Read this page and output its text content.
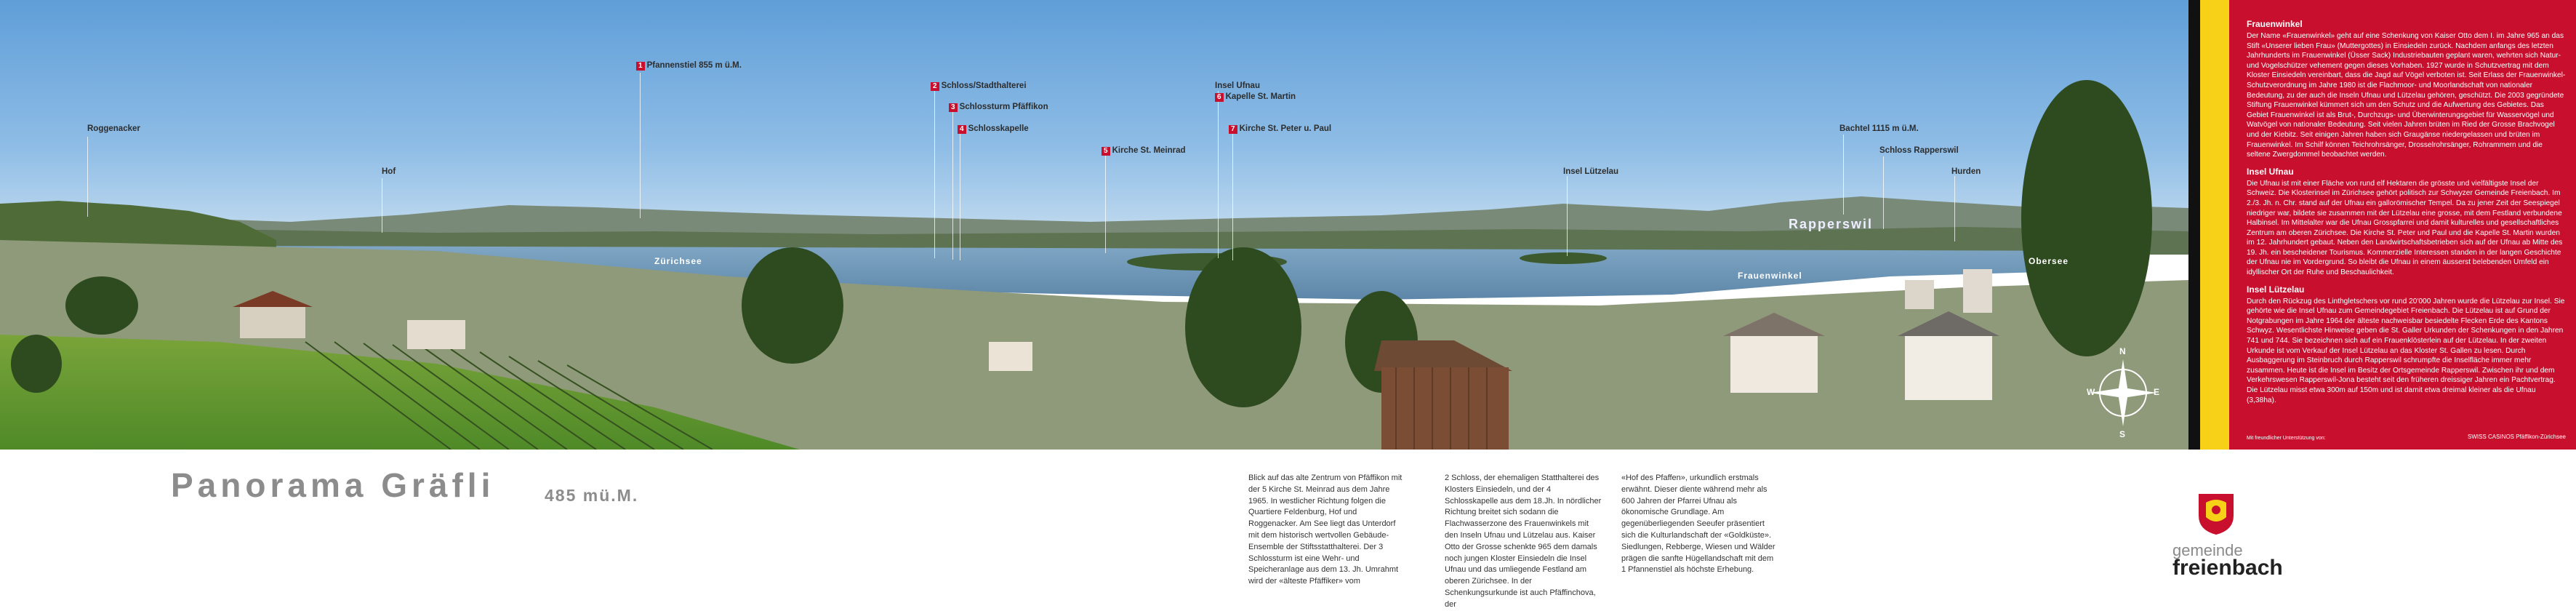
N
E
S
W
Roggenacker
Hof
1 Pfannenstiel 855 m ü.M.
2 Schloss/Stadthalterei
3 Schlossturm Pfäffikon
4 Schlosskapelle
5 Kirche St. Meinrad
Insel Ufnau
6 Kapelle St. Martin
7 Kirche St. Peter u. Paul
Insel Lützelau
Bachtel 1115 m ü.M.
Schloss Rapperswil
Hurden
Zürichsee
Rapperswil
Frauenwinkel
Obersee
Frauenwinkel

Der Name «Frauenwinkel» geht auf eine Schenkung von Kaiser Otto dem I. im Jahre 965 an das Stift «Unserer lieben Frau» (Muttergottes) in Einsiedeln zurück. Nachdem anfangs des letzten Jahrhunderts im Frauenwinkel (Üsser Sack) Industriebauten geplant waren, wehrten sich Natur- und Vogelschützer vehement gegen dieses Vorhaben. 1927 wurde in Schutzvertrag mit dem Kloster Einsiedeln vereinbart, dass die Jagd auf Vögel verboten ist. Seit Erlass der Frauenwinkel-Schutzverordnung im Jahre 1980 ist die Flachmoor- und Moorlandschaft von nationaler Bedeutung, zu der auch die Inseln Ufnau und Lützelau gehören, geschützt. Die 2003 gegründete Stiftung Frauenwinkel kümmert sich um den Schutz und die Aufwertung des Gebietes. Das Gebiet Frauenwinkel ist als Brut-, Durchzugs- und Überwinterungsgebiet für Wasservögel und Watvögel von nationaler Bedeutung. Seit vielen Jahren brüten im Ried der Grosse Brachvogel und der Kiebitz. Seit einigen Jahren haben sich Graugänse niedergelassen und brüten im Frauenwinkel. Im Schilf können Teichrohrsänger, Drosselrohrsänger, Rohrammern und die seltene Zwergdommel beobachtet werden.

Insel Ufnau

Die Ufnau ist mit einer Fläche von rund elf Hektaren die grösste und vielfältigste Insel der Schweiz. Die Klosterinsel im Zürichsee gehört politisch zur Schwyzer Gemeinde Freienbach. Im 2./3. Jh. n. Chr. stand auf der Ufnau ein gallorömischer Tempel. Da zu jener Zeit der Seespiegel niedriger war, bildete sie zusammen mit der Lützelau eine grosse, mit dem Festland verbundene Halbinsel. Im Mittelalter war die Ufnau Grosspfarrei und damit kulturelles und gesellschaftliches Zentrum am oberen Zürichsee. Die Kirche St. Peter und Paul und die Kapelle St. Martin wurden im 12. Jahrhundert gebaut. Neben den Landwirtschaftsbetrieben sich auf der Ufnau ab Mitte des 19. Jh. ein bescheidener Tourismus. Kommerzielle Interessen standen in der langen Geschichte der Ufnau nie im Vordergrund. So bleibt die Ufnau in einem äusserst belebenden Umfeld ein idyllischer Ort der Ruhe und Beschaulichkeit.

Insel Lützelau

Durch den Rückzug des Linthgletschers vor rund 20'000 Jahren wurde die Lützelau zur Insel. Sie gehörte wie die Insel Ufnau zum Gemeindegebiet Freienbach. Die Lützelau ist auf Grund der Notgrabungen im Jahre 1964 der älteste nachweisbar besiedelte Flecken Erde des Kantons Schwyz. Wesentlichste Hinweise geben die St. Galler Urkunden der Schenkungen in den Jahren 741 und 744. Sie bezeichnen sich auf ein Frauenklösterlein auf der Lützelau. In der zweiten Urkunde ist vom Verkauf der Insel Lützelau an das Kloster St. Gallen zu lesen. Durch Ausbaggerung im Steinbruch durch Rapperswil schrumpfte die Inselfläche immer mehr zusammen. Heute ist die Insel im Besitz der Ortsgemeinde Rapperswil. Zwischen ihr und dem Verkehrswesen Rapperswil-Jona besteht seit den früheren dreissiger Jahren ein Pachtvertrag. Die Lützelau misst etwa 300m auf 150m und ist damit etwa dreimal kleiner als die Ufnau (3,38ha).

Mit freundlicher Unterstützung von:	SWISS CASINOS Pfäffikon-Zürichsee
Panorama Gräfli	485 mü.M.
Blick auf das alte Zentrum von Pfäffikon mit der 5 Kirche St. Meinrad aus dem Jahre 1965. In westlicher Richtung folgen die Quartiere Feldenburg, Hof und Roggenacker. Am See liegt das Unterdorf mit dem historisch wertvollen Gebäude-Ensemble der Stiftsstatthalterei. Der 3 Schlossturm ist eine Wehr- und Speicheranlage aus dem 13. Jh. Umrahmt wird der «älteste Pfäffiker» vom
2 Schloss, der ehemaligen Statthalterei des Klosters Einsiedeln, und der 4 Schlosskapelle aus dem 18.Jh. In nördlicher Richtung breitet sich sodann die Flachwasserzone des Frauenwinkels mit den Inseln Ufnau und Lützelau aus. Kaiser Otto der Grosse schenkte 965 dem damals noch jungen Kloster Einsiedeln die Insel Ufnau und das umliegende Festland am oberen Zürichsee. In der Schenkungsurkunde ist auch Pfäffinchova, der
«Hof des Pfaffen», urkundlich erstmals erwähnt. Dieser diente während mehr als 600 Jahren der Pfarrei Ufnau als ökonomische Grundlage. Am gegenüberliegenden Seeufer präsentiert sich die Kulturlandschaft der «Goldküste». Siedlungen, Rebberge, Wiesen und Wälder prägen die sanfte Hügellandschaft mit dem 1 Pfannenstiel als höchste Erhebung.
gemeinde
freienbach
